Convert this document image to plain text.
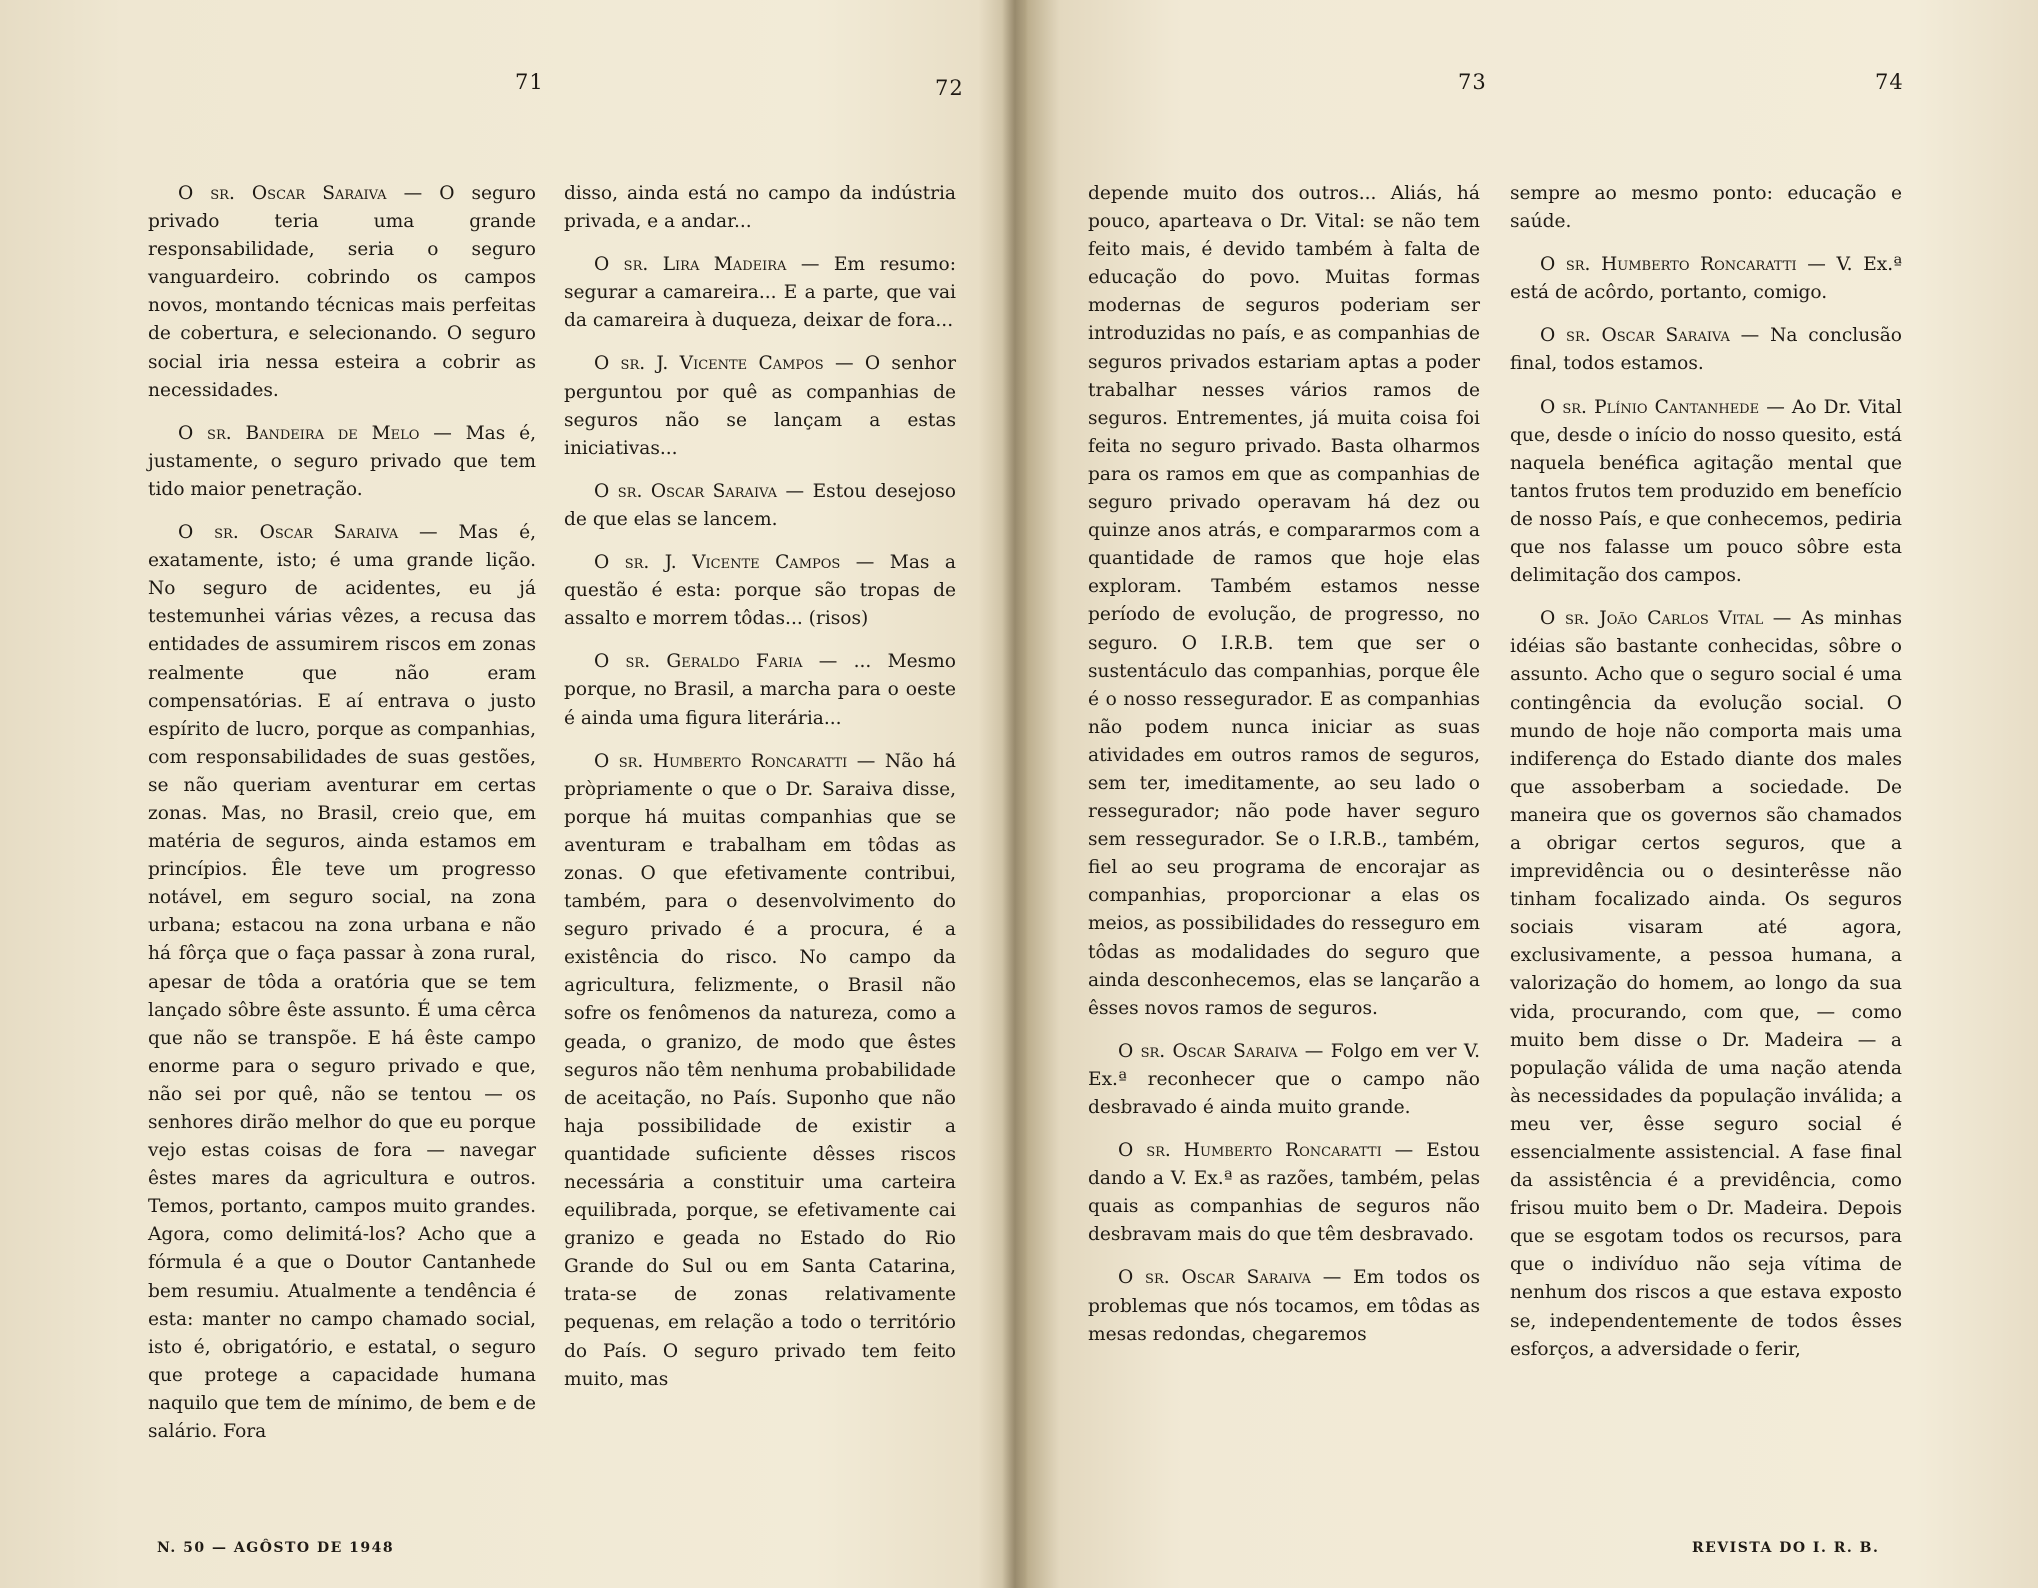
71

O sr. Oscar Saraiva — O seguro privado teria uma grande responsabilidade, seria o seguro vanguardeiro. cobrindo os campos novos, montando técnicas mais perfeitas de cobertura, e selecionando. O seguro social iria nessa esteira a cobrir as necessidades.

O sr. Bandeira de Melo — Mas é, justamente, o seguro privado que tem tido maior penetração.

O sr. Oscar Saraiva — Mas é, exatamente, isto; é uma grande lição. No seguro de acidentes, eu já testemunhei várias vêzes, a recusa das entidades de assumirem riscos em zonas realmente que não eram compensatórias. E aí entrava o justo espírito de lucro, porque as companhias, com responsabilidades de suas gestões, se não queriam aventurar em certas zonas. Mas, no Brasil, creio que, em matéria de seguros, ainda estamos em princípios. Êle teve um progresso notável, em seguro social, na zona urbana; estacou na zona urbana e não há fôrça que o faça passar à zona rural, apesar de tôda a oratória que se tem lançado sôbre êste assunto. É uma cêrca que não se transpõe. E há êste campo enorme para o seguro privado e que, não sei por quê, não se tentou — os senhores dirão melhor do que eu porque vejo estas coisas de fora — navegar êstes mares da agricultura e outros. Temos, portanto, campos muito grandes. Agora, como delimitá-los? Acho que a fórmula é a que o Doutor Cantanhede bem resumiu. Atualmente a tendência é esta: manter no campo chamado social, isto é, obrigatório, e estatal, o seguro que protege a capacidade humana naquilo que tem de mínimo, de bem e de salário. Fora

72

disso, ainda está no campo da indústria privada, e a andar...

O sr. Lira Madeira — Em resumo: segurar a camareira... E a parte, que vai da camareira à duqueza, deixar de fora...

O sr. J. Vicente Campos — O senhor perguntou por quê as companhias de seguros não se lançam a estas iniciativas...

O sr. Oscar Saraiva — Estou desejoso de que elas se lancem.

O sr. J. Vicente Campos — Mas a questão é esta: porque são tropas de assalto e morrem tôdas... (risos)

O sr. Geraldo Faria — ... Mesmo porque, no Brasil, a marcha para o oeste é ainda uma figura literária...

O sr. Humberto Roncaratti — Não há pròpriamente o que o Dr. Saraiva disse, porque há muitas companhias que se aventuram e trabalham em tôdas as zonas. O que efetivamente contribui, também, para o desenvolvimento do seguro privado é a procura, é a existência do risco. No campo da agricultura, felizmente, o Brasil não sofre os fenômenos da natureza, como a geada, o granizo, de modo que êstes seguros não têm nenhuma probabilidade de aceitação, no País. Suponho que não haja possibilidade de existir a quantidade suficiente dêsses riscos necessária a constituir uma carteira equilibrada, porque, se efetivamente cai granizo e geada no Estado do Rio Grande do Sul ou em Santa Catarina, trata-se de zonas relativamente pequenas, em relação a todo o território do País. O seguro privado tem feito muito, mas

73

depende muito dos outros... Aliás, há pouco, aparteava o Dr. Vital: se não tem feito mais, é devido também à falta de educação do povo. Muitas formas modernas de seguros poderiam ser introduzidas no país, e as companhias de seguros privados estariam aptas a poder trabalhar nesses vários ramos de seguros. Entrementes, já muita coisa foi feita no seguro privado. Basta olharmos para os ramos em que as companhias de seguro privado operavam há dez ou quinze anos atrás, e compararmos com a quantidade de ramos que hoje elas exploram. Também estamos nesse período de evolução, de progresso, no seguro. O I.R.B. tem que ser o sustentáculo das companhias, porque êle é o nosso ressegurador. E as companhias não podem nunca iniciar as suas atividades em outros ramos de seguros, sem ter, imeditamente, ao seu lado o ressegurador; não pode haver seguro sem ressegurador. Se o I.R.B., também, fiel ao seu programa de encorajar as companhias, proporcionar a elas os meios, as possibilidades do resseguro em tôdas as modalidades do seguro que ainda desconhecemos, elas se lançarão a êsses novos ramos de seguros.

O sr. Oscar Saraiva — Folgo em ver V. Ex.ª reconhecer que o campo não desbravado é ainda muito grande.

O sr. Humberto Roncaratti — Estou dando a V. Ex.ª as razões, também, pelas quais as companhias de seguros não desbravam mais do que têm desbravado.

O sr. Oscar Saraiva — Em todos os problemas que nós tocamos, em tôdas as mesas redondas, chegaremos

74

sempre ao mesmo ponto: educação e saúde.

O sr. Humberto Roncaratti — V. Ex.ª está de acôrdo, portanto, comigo.

O sr. Oscar Saraiva — Na conclusão final, todos estamos.

O sr. Plínio Cantanhede — Ao Dr. Vital que, desde o início do nosso quesito, está naquela benéfica agitação mental que tantos frutos tem produzido em benefício de nosso País, e que conhecemos, pediria que nos falasse um pouco sôbre esta delimitação dos campos.

O sr. João Carlos Vital — As minhas idéias são bastante conhecidas, sôbre o assunto. Acho que o seguro social é uma contingência da evolução social. O mundo de hoje não comporta mais uma indiferença do Estado diante dos males que assoberbam a sociedade. De maneira que os governos são chamados a obrigar certos seguros, que a imprevidência ou o desinterêsse não tinham focalizado ainda. Os seguros sociais visaram até agora, exclusivamente, a pessoa humana, a valorização do homem, ao longo da sua vida, procurando, com que, — como muito bem disse o Dr. Madeira — a população válida de uma nação atenda às necessidades da população inválida; a meu ver, êsse seguro social é essencialmente assistencial. A fase final da assistência é a previdência, como frisou muito bem o Dr. Madeira. Depois que se esgotam todos os recursos, para que o indivíduo não seja vítima de nenhum dos riscos a que estava exposto se, independentemente de todos êsses esforços, a adversidade o ferir,

N. 50 — AGÔSTO DE 1948	REVISTA DO I. R. B.
